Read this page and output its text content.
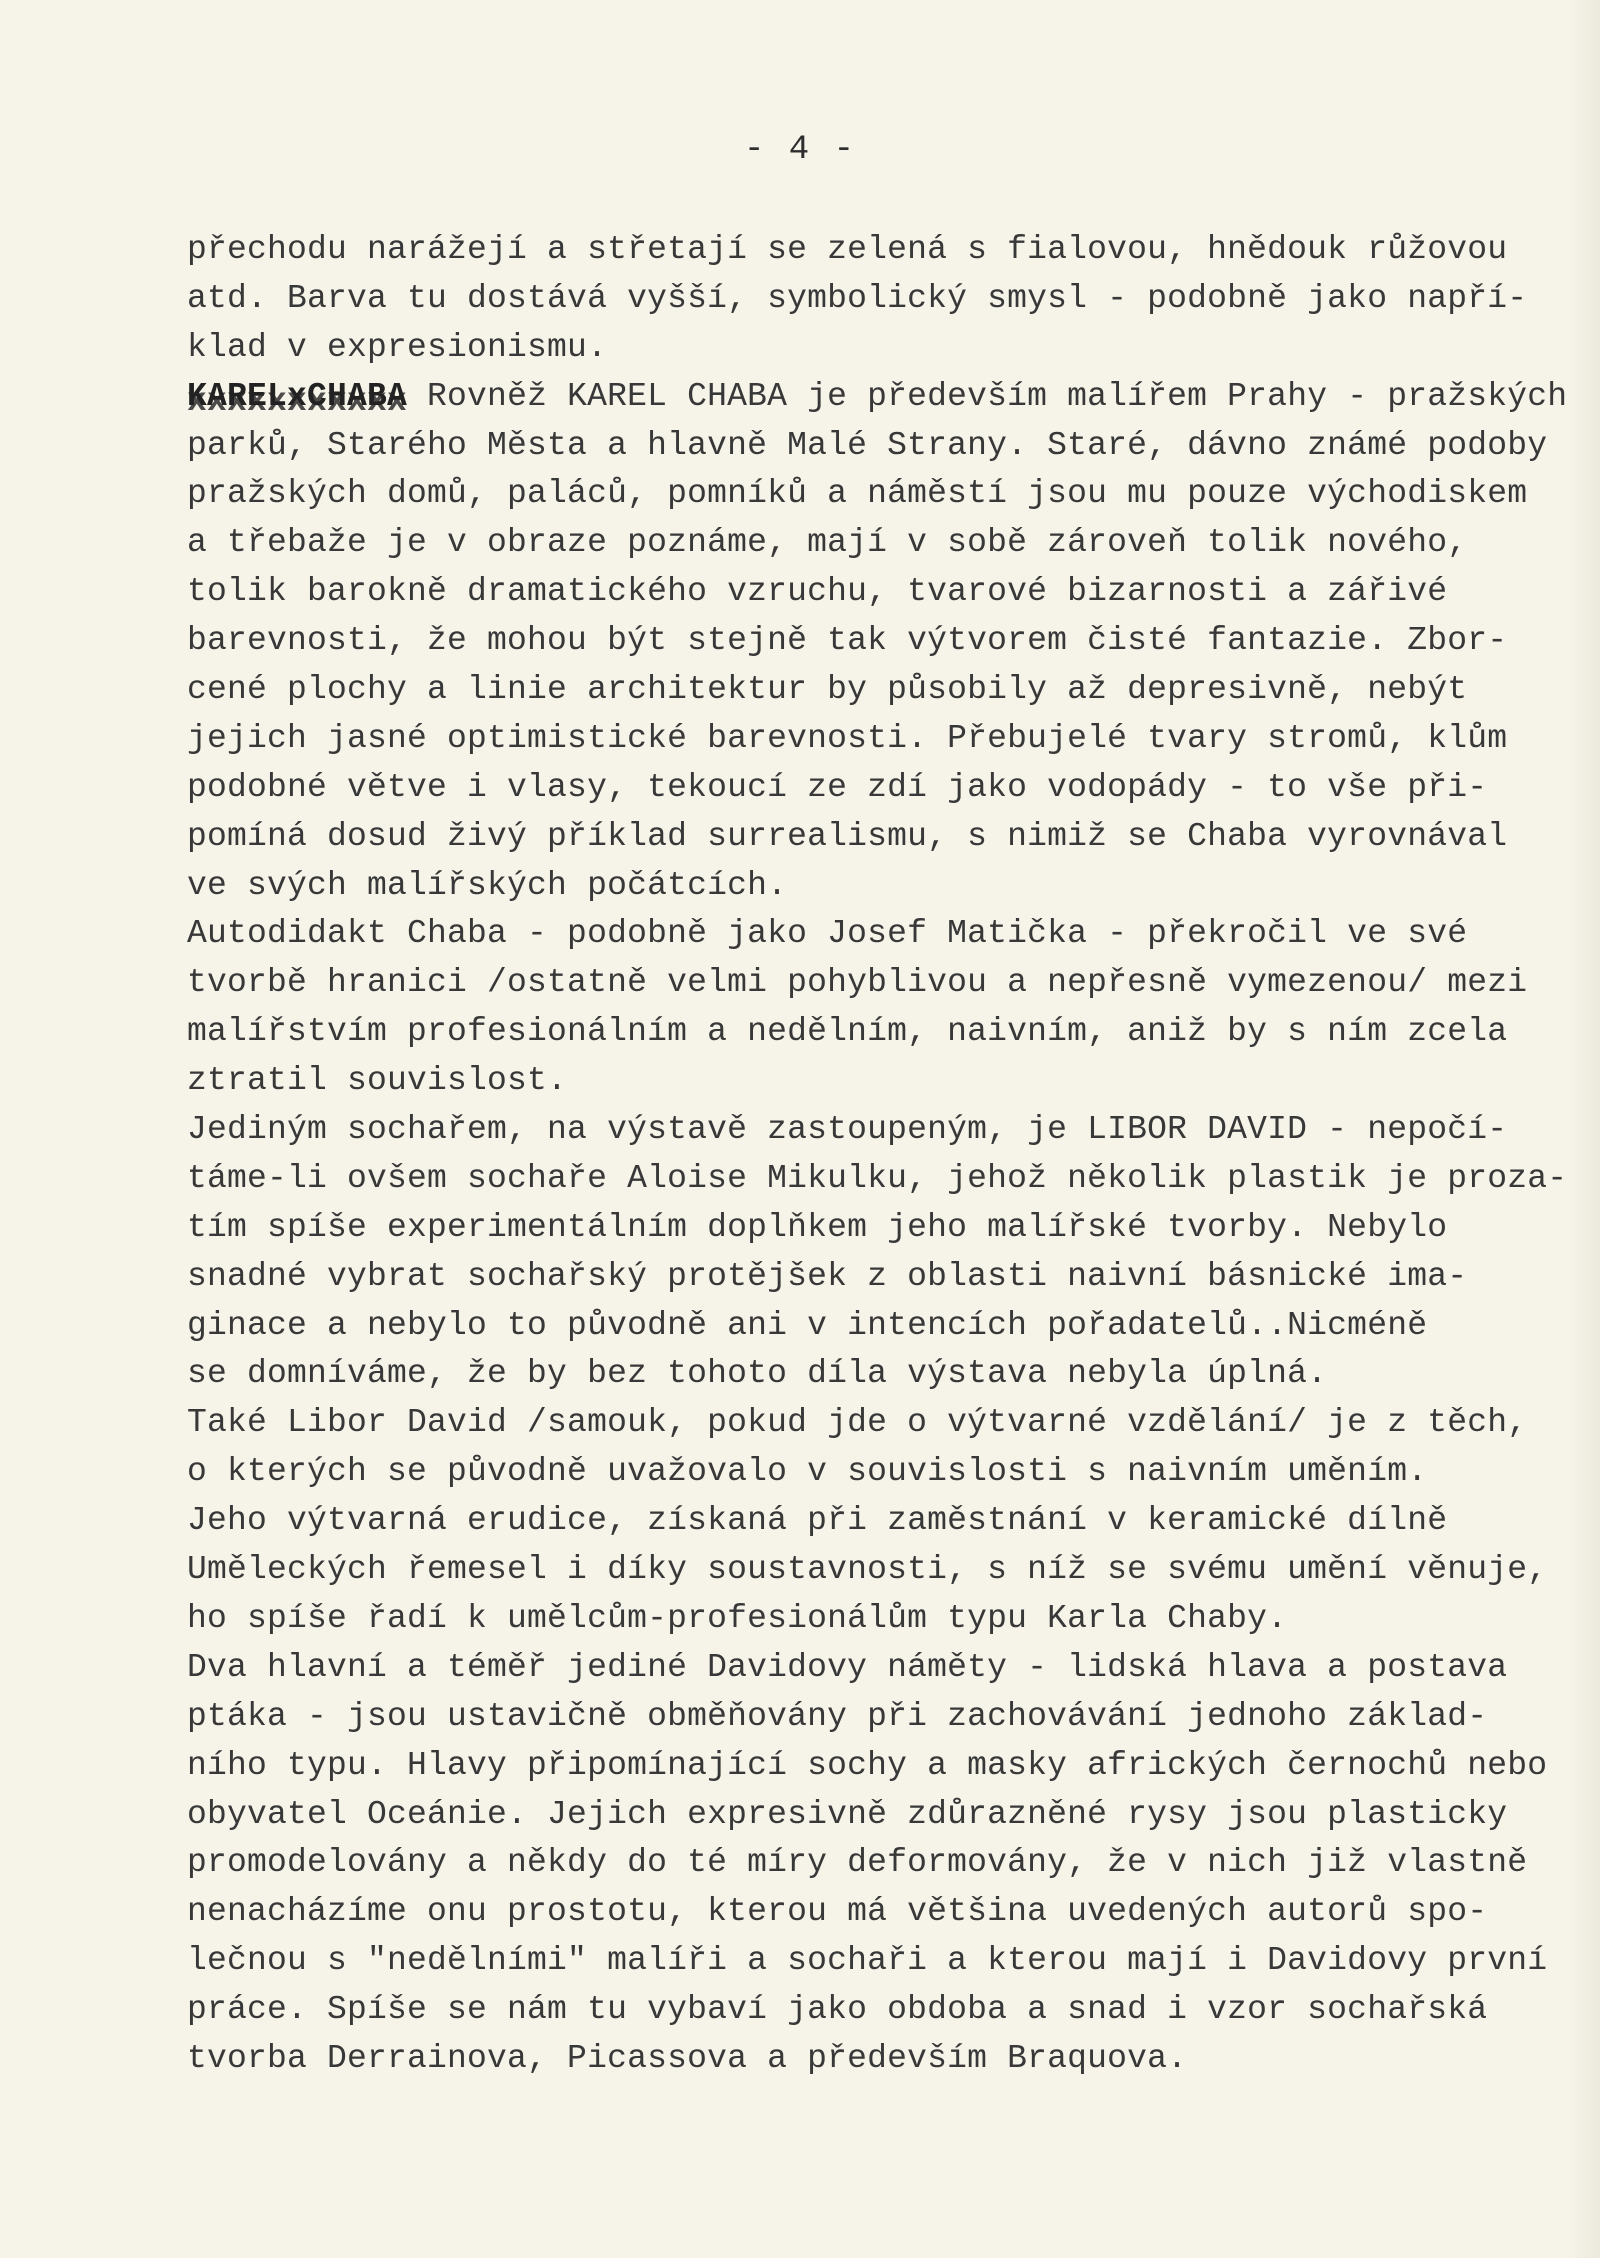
- 4 -
přechodu narážejí a střetají se zelená s fialovou, hnědouk růžovou
atd. Barva tu dostává vyšší, symbolický smysl - podobně jako napří-
klad v expresionismu.
KARELxCHABA xxxxxxxxxxx Rovněž KAREL CHABA je především malířem Prahy - pražských
parků, Starého Města a hlavně Malé Strany. Staré, dávno známé podoby
pražských domů, paláců, pomníků a náměstí jsou mu pouze východiskem
a třebaže je v obraze poznáme, mají v sobě zároveň tolik nového,
tolik barokně dramatického vzruchu, tvarové bizarnosti a zářivé
barevnosti, že mohou být stejně tak výtvorem čisté fantazie. Zbor-
cené plochy a linie architektur by působily až depresivně, nebýt
jejich jasné optimistické barevnosti. Přebujelé tvary stromů, klům
podobné větve i vlasy, tekoucí ze zdí jako vodopády - to vše při-
pomíná dosud živý příklad surrealismu, s nimiž se Chaba vyrovnával
ve svých malířských počátcích.
Autodidakt Chaba - podobně jako Josef Matička - překročil ve své
tvorbě hranici /ostatně velmi pohyblivou a nepřesně vymezenou/ mezi
malířstvím profesionálním a nedělním, naivním, aniž by s ním zcela
ztratil souvislost.
Jediným sochařem, na výstavě zastoupeným, je LIBOR DAVID - nepočí-
táme-li ovšem sochaře Aloise Mikulku, jehož několik plastik je proza-
tím spíše experimentálním doplňkem jeho malířské tvorby. Nebylo
snadné vybrat sochařský protějšek z oblasti naivní básnické ima-
ginace a nebylo to původně ani v intencích pořadatelů..Nicméně
se domníváme, že by bez tohoto díla výstava nebyla úplná.
Také Libor David /samouk, pokud jde o výtvarné vzdělání/ je z těch,
o kterých se původně uvažovalo v souvislosti s naivním uměním.
Jeho výtvarná erudice, získaná při zaměstnání v keramické dílně
Uměleckých řemesel i díky soustavnosti, s níž se svému umění věnuje,
ho spíše řadí k umělcům-profesionálům typu Karla Chaby.
Dva hlavní a téměř jediné Davidovy náměty - lidská hlava a postava
ptáka - jsou ustavičně obměňovány při zachovávání jednoho základ-
ního typu. Hlavy připomínající sochy a masky afrických černochů nebo
obyvatel Oceánie. Jejich expresivně zdůrazněné rysy jsou plasticky
promodelovány a někdy do té míry deformovány, že v nich již vlastně
nenacházíme onu prostotu, kterou má většina uvedených autorů spo-
lečnou s "nedělními" malíři a sochaři a kterou mají i Davidovy první
práce. Spíše se nám tu vybaví jako obdoba a snad i vzor sochařská
tvorba Derrainova, Picassova a především Braquova.
